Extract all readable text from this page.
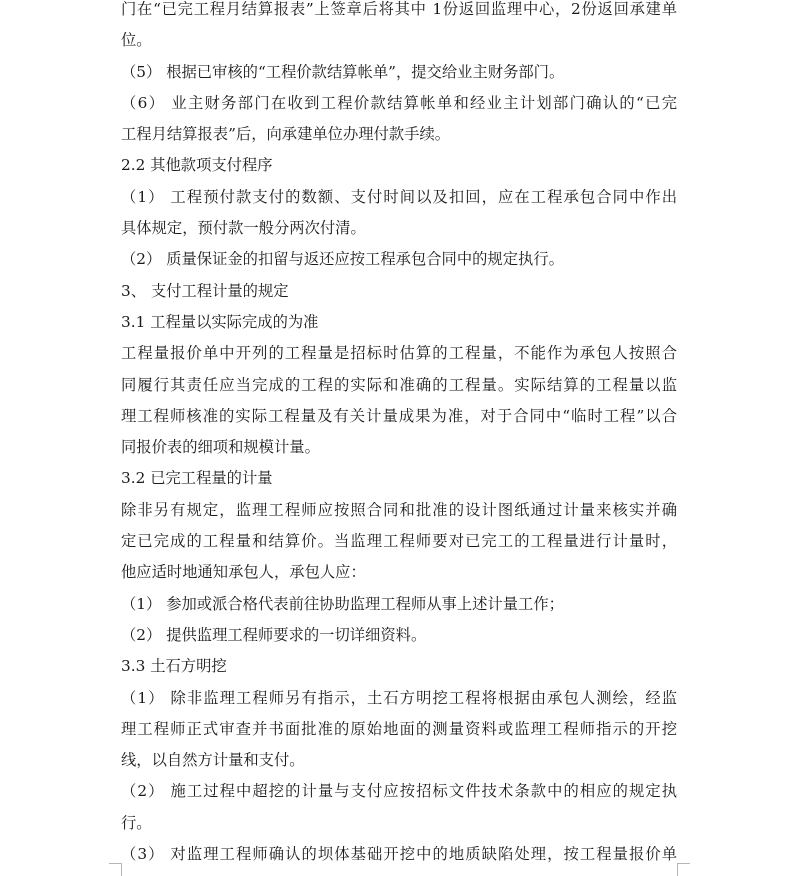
门在“已完工程月结算报表”上签章后将其中 1份返回监理中心，2份返回承建单
位。
（5） 根据已审核的“工程价款结算帐单”，提交给业主财务部门。
（6） 业主财务部门在收到工程价款结算帐单和经业主计划部门确认的“已完
工程月结算报表”后，向承建单位办理付款手续。
2.2 其他款项支付程序
（1） 工程预付款支付的数额、支付时间以及扣回，应在工程承包合同中作出
具体规定，预付款一般分两次付清。
（2） 质量保证金的扣留与返还应按工程承包合同中的规定执行。
3、 支付工程计量的规定
3.1 工程量以实际完成的为准
工程量报价单中开列的工程量是招标时估算的工程量，不能作为承包人按照合
同履行其责任应当完成的工程的实际和准确的工程量。实际结算的工程量以监
理工程师核准的实际工程量及有关计量成果为准，对于合同中“临时工程”以合
同报价表的细项和规模计量。
3.2 已完工程量的计量
除非另有规定，监理工程师应按照合同和批准的设计图纸通过计量来核实并确
定已完成的工程量和结算价。当监理工程师要对已完工的工程量进行计量时，
他应适时地通知承包人，承包人应：
（1） 参加或派合格代表前往协助监理工程师从事上述计量工作；
（2） 提供监理工程师要求的一切详细资料。
3.3 土石方明挖
（1） 除非监理工程师另有指示，土石方明挖工程将根据由承包人测绘，经监
理工程师正式审查并书面批准的原始地面的测量资料或监理工程师指示的开挖
线，以自然方计量和支付。
（2） 施工过程中超挖的计量与支付应按招标文件技术条款中的相应的规定执
行。
（3） 对监理工程师确认的坝体基础开挖中的地质缺陷处理，按工程量报价单
